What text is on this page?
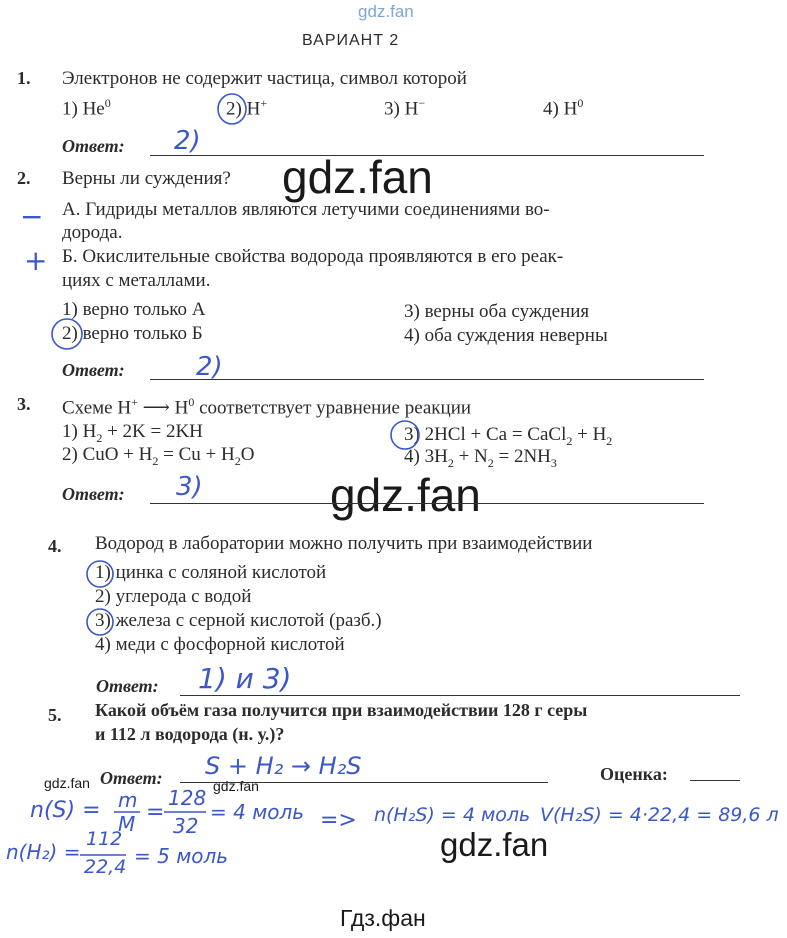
gdz.fan
gdz.fan
gdz.fan
gdz.fan
gdz.fan	gdz.fan
Гдз.фан
ВАРИАНТ 2
1. Электронов не содержит частица, символ которой
1) He$^0$	2) H+	3) H−	4) $H^0$
Ответ: 2)
2. Верны ли суждения?
−
+
А. Гидриды металлов являются летучими соединениями во-
дорода.
Б. Окислительные свойства водорода проявляются в его реак-
циях с металлами.
1) верно только А
2) верно только Б
3) верны оба суждения
4) оба суждения неверны
Ответ:	2)
3. Схеме H+ ⟶ $H^0$ соответствует уравнение реакции
1) $H_2 + 2K = 2KH$
2) CuO + $H_2 = Cu + H_2O$
3) 2HCl + Ca = CaCl$_2$ + $H_2$
4) $3H_2 + N_2 = 2NH_3$
Ответ: 3)
4. Водород в лаборатории можно получить при взаимодействии
1) цинка с соляной кислотой
2) углерода с водой
3) железа с серной кислотой (разб.)
4) меди с фосфорной кислотой
Ответ: 1) и 3)
5. Какой объём газа получится при взаимодействии 128 г серы
и 112 л водорода (н. у.)?
Ответ: S + H₂ → H₂S	Оценка:
n(S) = m
M =
128
32
= 4 моль => n(H₂S) = 4 моль V(H₂S) = 4·22,4 = 89,6 л
n(H₂) =
112
22,4 = 5 моль
